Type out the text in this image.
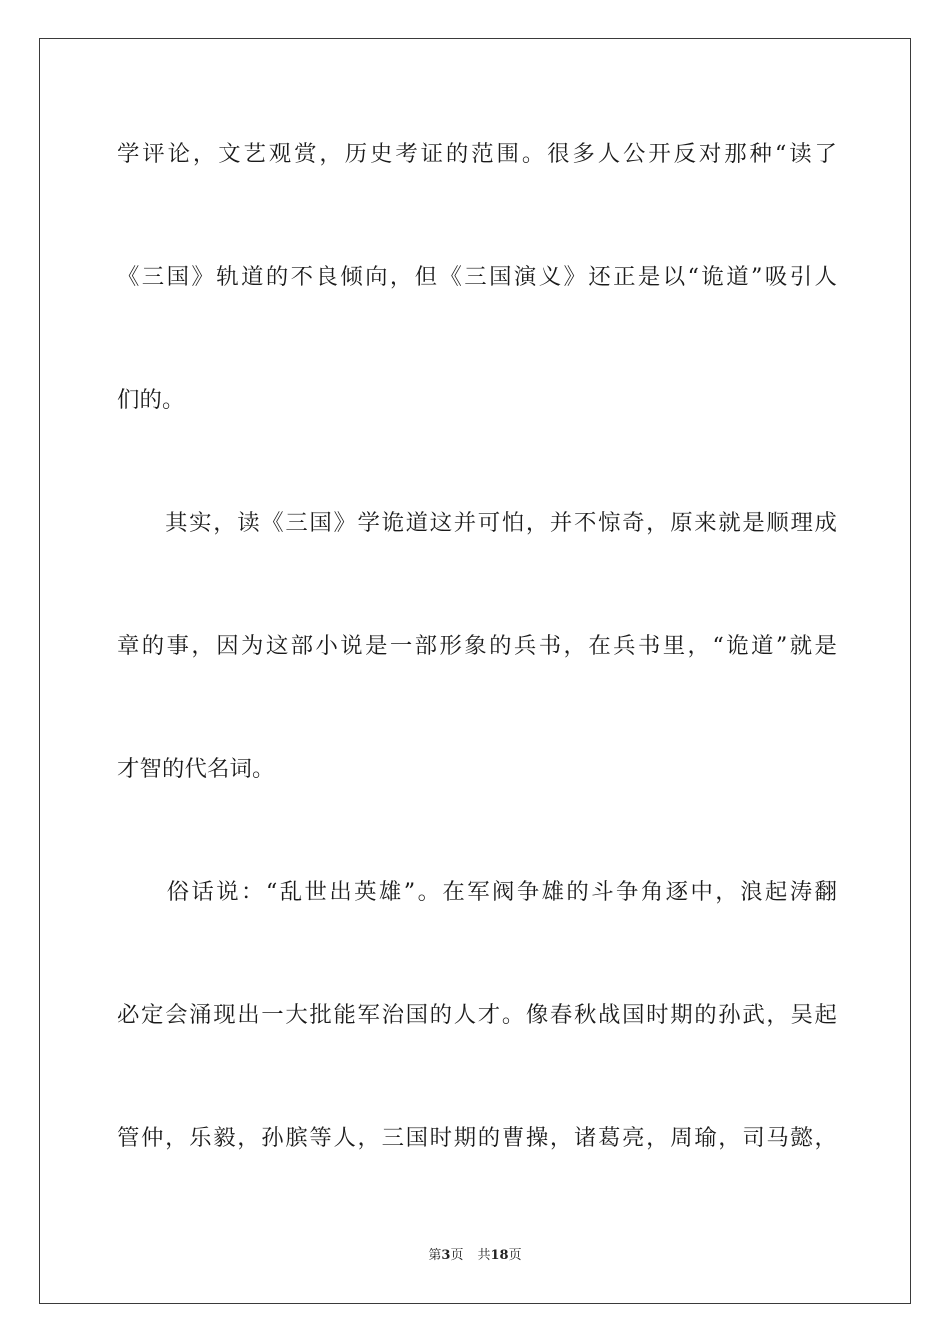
学评论，文艺观赏，历史考证的范围。很多人公开反对那种“读了
《三国》轨道的不良倾向，但《三国演义》还正是以“诡道”吸引人
们的。
　　其实，读《三国》学诡道这并可怕，并不惊奇，原来就是顺理成
章的事，因为这部小说是一部形象的兵书，在兵书里，“诡道”就是
才智的代名词。
　　俗话说：“乱世出英雄”。在军阀争雄的斗争角逐中，浪起涛翻
必定会涌现出一大批能军治国的人才。像春秋战国时期的孙武，吴起
管仲，乐毅，孙膑等人，三国时期的曹操，诸葛亮，周瑜，司马懿，
第3页 共18页
